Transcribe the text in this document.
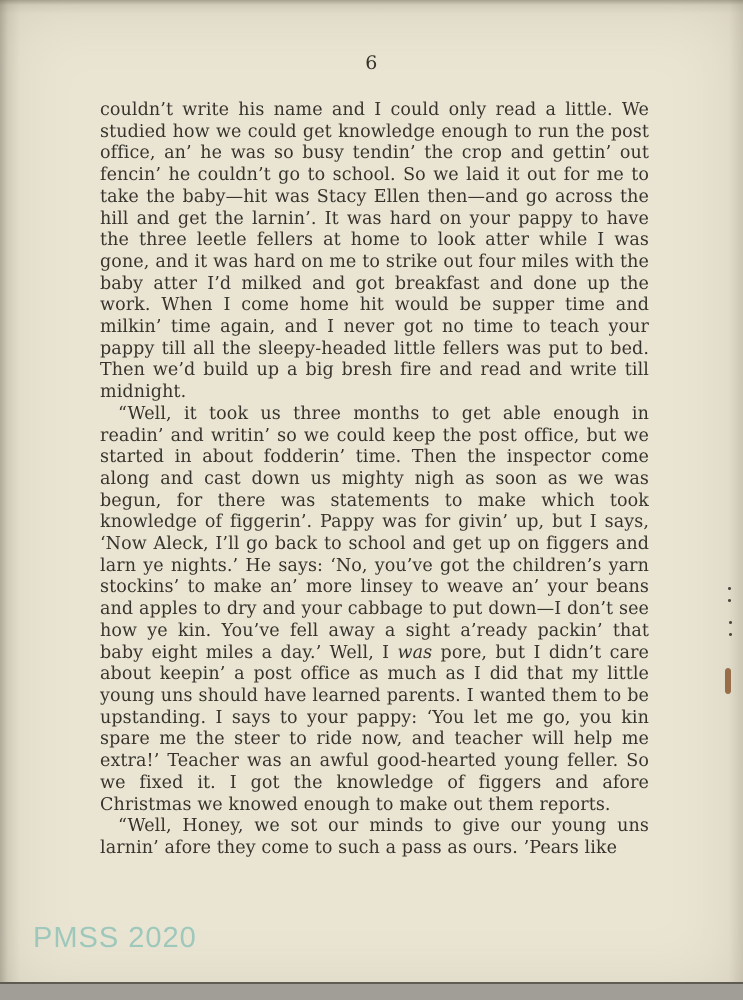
6

couldn’t write his name and I could only read a little. We studied how we could get knowledge enough to run the post office, an’ he was so busy tendin’ the crop and gettin’ out fencin’ he couldn’t go to school. So we laid it out for me to take the baby—hit was Stacy Ellen then—and go across the hill and get the larnin’. It was hard on your pappy to have the three leetle fellers at home to look atter while I was gone, and it was hard on me to strike out four miles with the baby atter I’d milked and got breakfast and done up the work. When I come home hit would be supper time and milkin’ time again, and I never got no time to teach your pappy till all the sleepy-headed little fellers was put to bed. Then we’d build up a big bresh fire and read and write till midnight.

“Well, it took us three months to get able enough in readin’ and writin’ so we could keep the post office, but we started in about fodderin’ time. Then the inspector come along and cast down us mighty nigh as soon as we was begun, for there was statements to make which took knowledge of figgerin’. Pappy was for givin’ up, but I says, ‘Now Aleck, I’ll go back to school and get up on figgers and larn ye nights.’ He says: ‘No, you’ve got the children’s yarn stockins’ to make an’ more linsey to weave an’ your beans and apples to dry and your cabbage to put down—I don’t see how ye kin. You’ve fell away a sight a’ready packin’ that baby eight miles a day.’ Well, I was pore, but I didn’t care about keepin’ a post office as much as I did that my little young uns should have learned parents. I wanted them to be upstanding. I says to your pappy: ‘You let me go, you kin spare me the steer to ride now, and teacher will help me extra!’ Teacher was an awful good-hearted young feller. So we fixed it. I got the knowledge of figgers and afore Christmas we knowed enough to make out them reports.

“Well, Honey, we sot our minds to give our young uns larnin’ afore they come to such a pass as ours. ’Pears like

PMSS 2020
